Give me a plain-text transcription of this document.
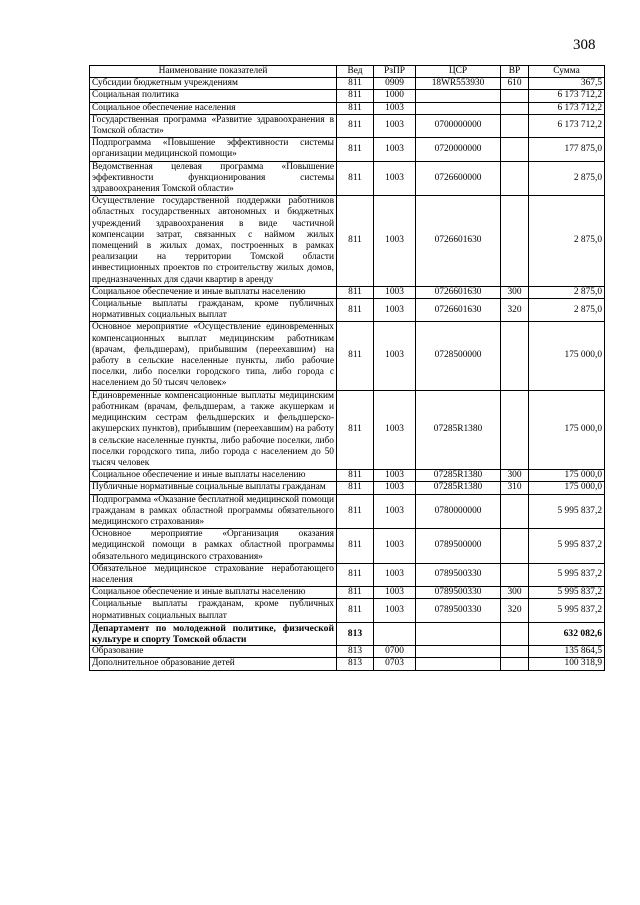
308
Наименование показателей	Вед	РзПР	ЦСР	ВР	Сумма
Субсидии бюджетным учреждениям	811	0909	18WR553930	610	367,5
Социальная политика	811	1000			6 173 712,2
Социальное обеспечение населения	811	1003			6 173 712,2
Государственная программа «Развитие здравоохранения в Томской области»	811	1003	0700000000		6 173 712,2
Подпрограмма «Повышение эффективности системы организации медицинской помощи»	811	1003	0720000000		177 875,0
Ведомственная целевая программа «Повышение эффективности функционирования системы здравоохранения Томской области»	811	1003	0726600000		2 875,0
Осуществление государственной поддержки работников областных государственных автономных и бюджетных учреждений здравоохранения в виде частичной компенсации затрат, связанных с наймом жилых помещений в жилых домах, построенных в рамках реализации на территории Томской области инвестиционных проектов по строительству жилых домов, предназначенных для сдачи квартир в аренду	811	1003	0726601630		2 875,0
Социальное обеспечение и иные выплаты населению	811	1003	0726601630	300	2 875,0
Социальные выплаты гражданам, кроме публичных нормативных социальных выплат	811	1003	0726601630	320	2 875,0
Основное мероприятие «Осуществление единовременных компенсационных выплат медицинским работникам (врачам, фельдшерам), прибывшим (переехавшим) на работу в сельские населенные пункты, либо рабочие поселки, либо поселки городского типа, либо города с населением до 50 тысяч человек»	811	1003	0728500000		175 000,0
Единовременные компенсационные выплаты медицинским работникам (врачам, фельдшерам, а также акушеркам и медицинским сестрам фельдшерских и фельдшерско-акушерских пунктов), прибывшим (переехавшим) на работу в сельские населенные пункты, либо рабочие поселки, либо поселки городского типа, либо города с населением до 50 тысяч человек	811	1003	07285R1380		175 000,0
Социальное обеспечение и иные выплаты населению	811	1003	07285R1380	300	175 000,0
Публичные нормативные социальные выплаты гражданам	811	1003	07285R1380	310	175 000,0
Подпрограмма «Оказание бесплатной медицинской помощи гражданам в рамках областной программы обязательного медицинского страхования»	811	1003	0780000000		5 995 837,2
Основное мероприятие «Организация оказания медицинской помощи в рамках областной программы обязательного медицинского страхования»	811	1003	0789500000		5 995 837,2
Обязательное медицинское страхование неработающего населения	811	1003	0789500330		5 995 837,2
Социальное обеспечение и иные выплаты населению	811	1003	0789500330	300	5 995 837,2
Социальные выплаты гражданам, кроме публичных нормативных социальных выплат	811	1003	0789500330	320	5 995 837,2
Департамент по молодежной политике, физической культуре и спорту Томской области	813				632 082,6
Образование	813	0700			135 864,5
Дополнительное образование детей	813	0703			100 318,9
